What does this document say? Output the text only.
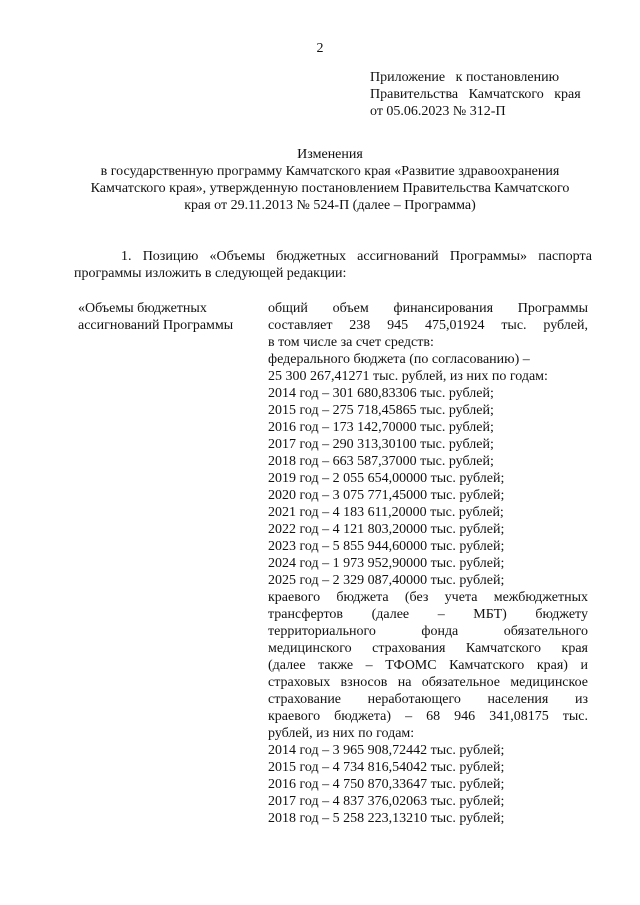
2
Приложение   к постановлению
Правительства   Камчатского   края
от 05.06.2023 № 312-П
Изменения
в государственную программу Камчатского края «Развитие здравоохранения
Камчатского края», утвержденную постановлением Правительства Камчатского
края от 29.11.2013 № 524-П (далее – Программа)
1. Позицию «Объемы бюджетных ассигнований Программы» паспорта
программы изложить в следующей редакции:
«Объемы бюджетных
ассигнований Программы
общий объем финансирования Программы
составляет 238 945 475,01924 тыс. рублей,
в том числе за счет средств:
федерального бюджета (по согласованию) –
25 300 267,41271 тыс. рублей, из них по годам:
2014 год – 301 680,83306 тыс. рублей;
2015 год – 275 718,45865 тыс. рублей;
2016 год – 173 142,70000 тыс. рублей;
2017 год – 290 313,30100 тыс. рублей;
2018 год – 663 587,37000 тыс. рублей;
2019 год – 2 055 654,00000 тыс. рублей;
2020 год – 3 075 771,45000 тыс. рублей;
2021 год – 4 183 611,20000 тыс. рублей;
2022 год – 4 121 803,20000 тыс. рублей;
2023 год – 5 855 944,60000 тыс. рублей;
2024 год – 1 973 952,90000 тыс. рублей;
2025 год – 2 329 087,40000 тыс. рублей;
краевого бюджета (без учета межбюджетных
трансфертов (далее – МБТ) бюджету
территориального фонда обязательного
медицинского страхования Камчатского края
(далее также – ТФОМС Камчатского края) и
страховых взносов на обязательное медицинское
страхование неработающего населения из
краевого бюджета) – 68 946 341,08175 тыс.
рублей, из них по годам:
2014 год – 3 965 908,72442 тыс. рублей;
2015 год – 4 734 816,54042 тыс. рублей;
2016 год – 4 750 870,33647 тыс. рублей;
2017 год – 4 837 376,02063 тыс. рублей;
2018 год – 5 258 223,13210 тыс. рублей;
